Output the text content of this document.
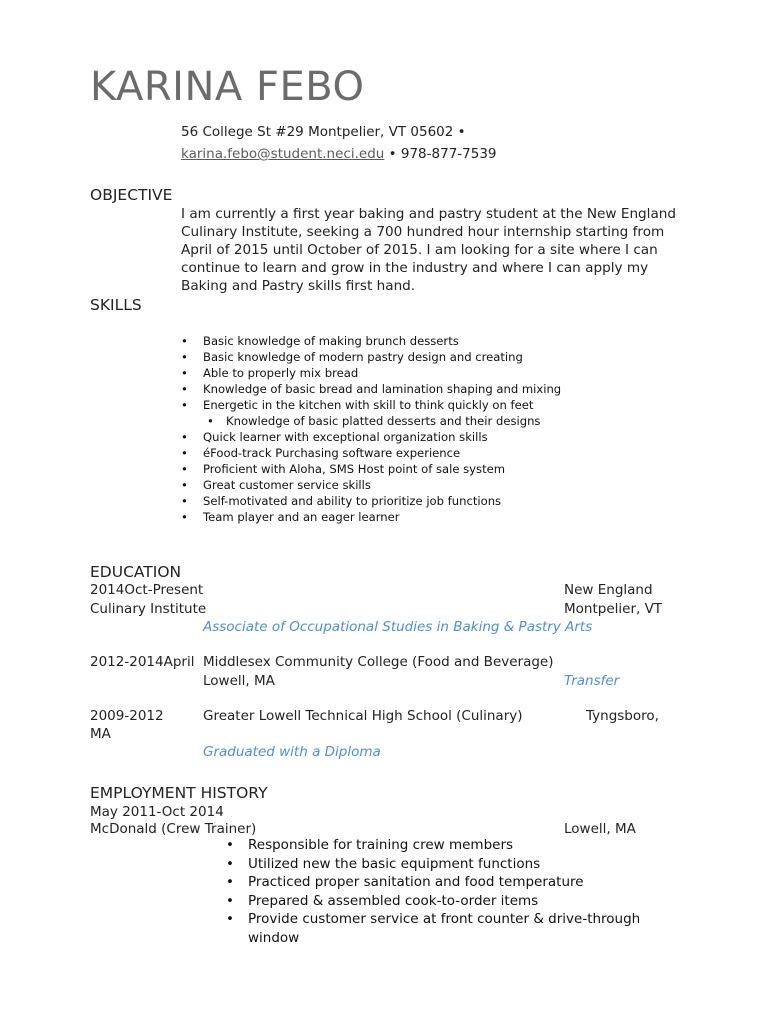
KARINA FEBO
56 College St #29 Montpelier, VT 05602 •
karina.febo@student.neci.edu • 978-877-7539
OBJECTIVE
I am currently a first year baking and pastry student at the New England Culinary Institute, seeking a 700 hundred hour internship starting from April of 2015 until October of 2015. I am looking for a site where I can continue to learn and grow in the industry and where I can apply my Baking and Pastry skills first hand.
SKILLS
• Basic knowledge of making brunch desserts
• Basic knowledge of modern pastry design and creating
• Able to properly mix bread
• Knowledge of basic bread and lamination shaping and mixing
• Energetic in the kitchen with skill to think quickly on feet
• Knowledge of basic platted desserts and their designs
• Quick learner with exceptional organization skills
• éFood-track Purchasing software experience
• Proficient with Aloha, SMS Host point of sale system
• Great customer service skills
• Self-motivated and ability to prioritize job functions
• Team player and an eager learner
EDUCATION
2014Oct-Present	New England
Culinary Institute	Montpelier, VT
Associate of Occupational Studies in Baking & Pastry Arts
2012-2014April Middlesex Community College (Food and Beverage)
Lowell, MA	Transfer
2009-2012	Greater Lowell Technical High School (Culinary)	Tyngsboro,
MA
Graduated with a Diploma
EMPLOYMENT HISTORY
May 2011-Oct 2014
McDonald (Crew Trainer)	Lowell, MA
• Responsible for training crew members
• Utilized new the basic equipment functions
• Practiced proper sanitation and food temperature
• Prepared & assembled cook-to-order items
• Provide customer service at front counter & drive-through window
